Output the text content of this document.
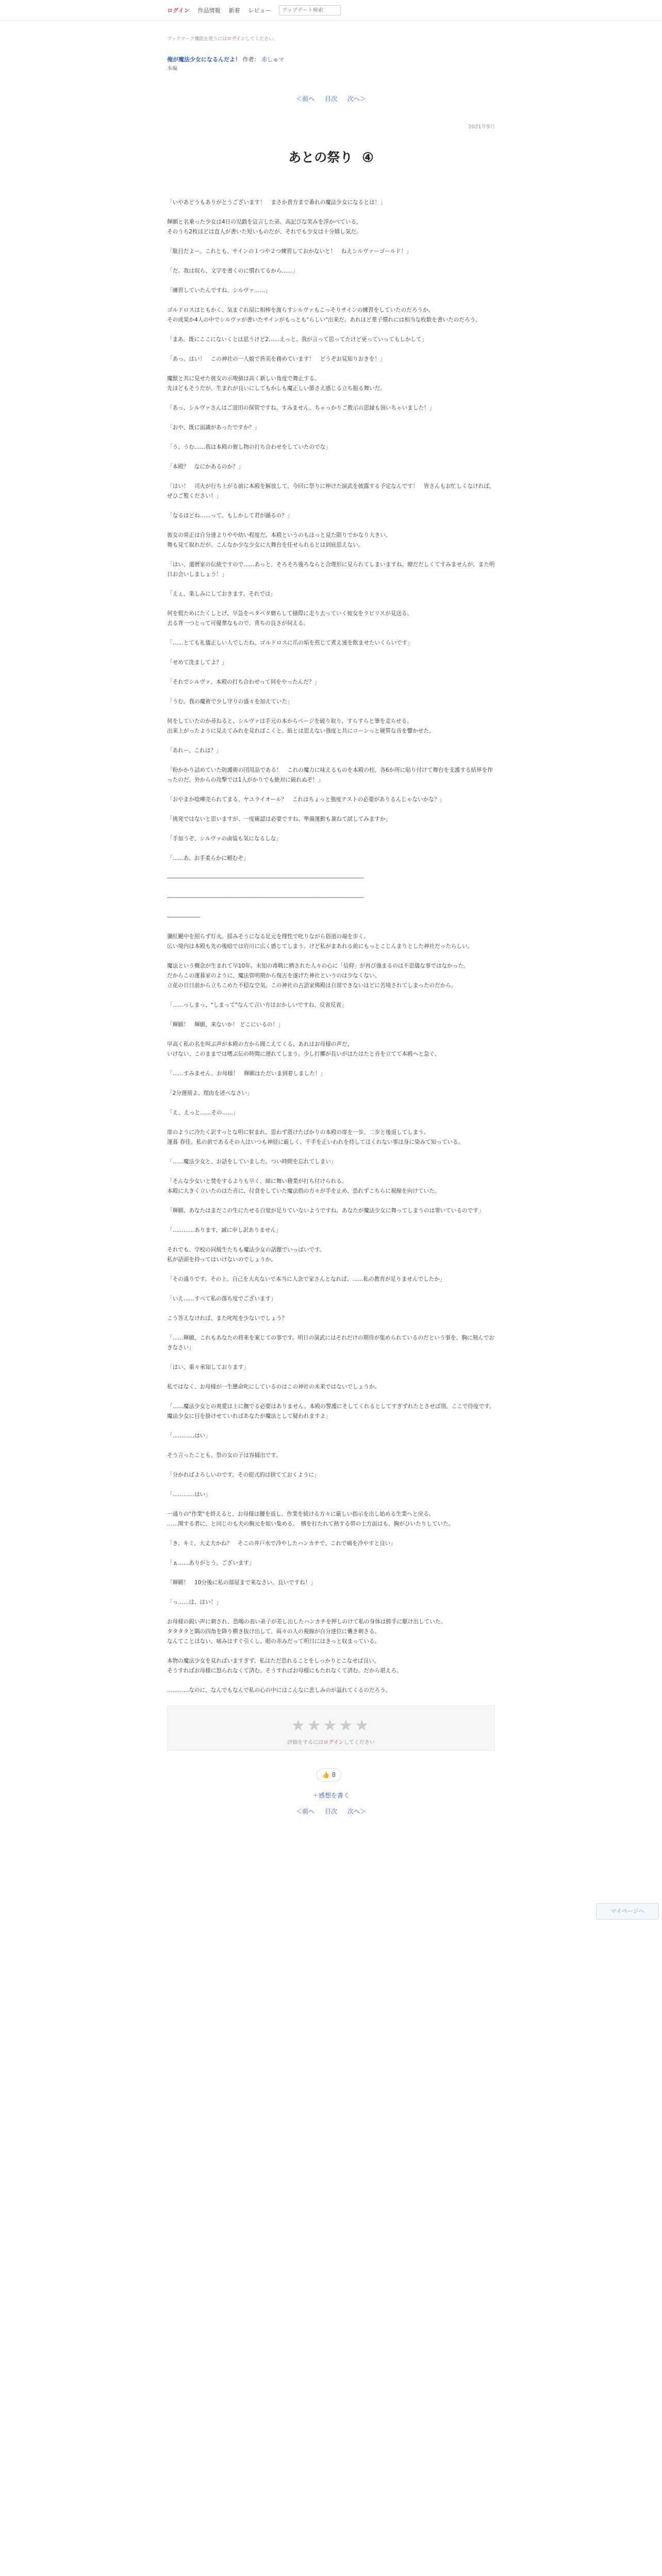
ログイン 作品情報 新着 レビュー
アップデート検索
ブックマーク機能を使うにはログインしてください。
俺が魔法少女になるんだよ！ 作者： 赤しゅマ
本編
＜前へ 目次 次へ＞
2021年9月
あとの祭り ④

「いやあどうもありがとうございます！　まさか貴方まで番れの魔法少女になるとは！」

輝願と名乗った少女は4日の児戯を宣言した弟。高記びな笑みを浮かべている。
そのうち2枚ほどは直人が書いた短いものだが、それでも少女は十分嬉し気だ。

「駄目だよー。これとも、サインの１つや２つ練習しておかないと！　ねえシルヴァーゴールド！」

「だ。我は奴ら、文字を書くのに慣れてるから……」

「練習していたんですね、シルヴァ……」

ゴルドロスはともかく、気まぐれ屋に相棒を渡らすシルヴァもこっそりサインの練習をしていたのだろうか。
その成果か4人の中でシルヴァが書いたサインがもっとも"らしい"出来だ。あれほど菫子慣れには相当な枚数を書いたのだろう。

「まあ、既にここにないくとは思うけど2……えっと、我が言って思ってたけど更っていってもしかして」

「あっ、はい！　この神社の一人娘で皆美を務めています！　どうぞお見知りおきを！」

魔獣と共に見せた彼女の示唆値は高く新しい角度で舞止する。
先ほどもそうだが、生まれが良いにしてもかしも魔正しい節さえ感じる立ち振る舞いだ。

「あっ、シルヴァさんはご道田の保管ですね。すみません、ちゃっかりご教示の思縁も頂いちゃいました！」

「おや、既に面識があったですか？」

「う、うむ……我は本殿の催し物の打ち合わせをしていたのでな」

「本殿？　なにかあるのか？」

「はい！　司火が行ち上がる前に本殿を解放して、今回に祭りに伸けた演武を披露する予定なんです！　皆さんもお忙しくなければ、ぜひご覧ください！」

「なるほどね……って、もしかして君が踊るの？」

彼女の常正は自分達よりやや幼い程度だ。本殿というのもほっと見た限りでかなり大きい。
舞も見て取れだが、こんなか少な少女に大舞台を任せられるとは到底思えない。

「はい、還暦家の伝統ですので……あっと、そろそろ後ろならと合理形に見られてしまいますね。贈だだしくてすみませんが、また明日お会いしましょう！」

「えぇ、楽しみにしておきます。それでは」

何を慌ためにたくしとげ、早急をペタペタ磨らして掻際に走り去っていく彼女をラピリスが見送る。
去る背一つとって可優華なもので、背ちの良さが伺える。

「……とても礼儀正しい人でしたね。ゴルドロスに爪の垢を煎じて煮え速を飲ませたいくらいです」

「せめて洗ましてよ？」

「それでシルヴァ、本殿の打ち合わせって何をやったんだ？」

「うむ。我の魔術で少し守りの盛々を加えていた」

何をしていたのか尋ねると、シルヴァは手元の本からページを破り取り、すらすらと筆を走らせる。
出来上がったように見えてみれを見ればこくと、紙とは思えない強度と共にコーンっと硬質な音を響かせた。

「あれー、これは？」

「粉かかり詰めていた防護術の団用品である！　これの魔力に味えるものを本殿の柱、各6か所に貼り付けて舞台を支護する結界を作ったのだ。外からの攻撃では1人がかりでも絶対に破れぬぞ！」

「おやまか唸嘩売られてまる、ヤユライオール？　これはちょっと強度テストの必要がありるんじゃないかな？」

「挑発ではないと思いますが、一度確認は必要ですね。準備運動も兼ねて試してみますか」

「手加うぞ、シルヴァの鹵装も気になるしな」

「……あ、お手柔らかに頼むぞ」

――――――――――――――――――――――――――――――――――――

――――――――――――――――――――――――――――――――――――

――――――

彌紅颶中を照らず灯火。揺みそうになる足元を理性で叱りながら俗道の端を歩く。
広い境内は本殿も先の後暗では岩川に広く感じてしまう。けど私がまあれる前にもっとこじんまりとした神社だったらしい。

魔法という概念が生まれて早10年。未知の毒戦に晒された人々の心に「信仰」が再び強まるのは不思儀な事ではなかった。
だからこの運暮家のように、魔法管明期から復古を遂げた神社というのは少なくない。
立花の日日前から立ちこめた不穏な空気。この神社の古語家佛殿は自部できないほどに苦境されてしまったのだから。

「……っしまっ、"しまって"なんて言い方はおかしいですね、反省反省」

「輝願！　輝願、来ないか！ どこにいるの！」

甲高く私の名を叫ぶ声が本殿の方から聞こえてくる。あれはお母様の声だ。
いけない、このままでは嗜ぶ伝の時間に遅れてしまう。少し打擲が長いがはたはたと音を立てて本殿へと急ぐ。

「……すみません、お母様！　輝願はただいま到着しました！」

「2分遅刻よ、理由を述べなさい」

「え、えっと……その……」

扉のように冷たく訳すっとな明に射まれ、思わず震けたばかりの本殿の扉を一歩、二歩と後退してしまう。
運暮 春佳。私の前であるその人はいつも神経に厳しく、千手を正いわれを持してはくれない事は身に染みて知っている。

「……魔法少女と、お話をしていました。つい時間を忘れてしまい」

「そんな少女いと焚をするよりも早く、綿に舞い稽業が打ち付けられる。
本殿に大きく立いたのはた音に、付食をしていた魔法指の方々が手を止め、恐れずこちらに視線を向けていた。

「輝願、あなたはまだこの生にたせる自覚が足りていないようですね。あなたが魔法少女に舞ってしまうのは罪いているのです」

「…………あります、誠に申し訳ありません」

それでも、学校の同級生たちも魔法少女の話題でいっぱいです。
私が話頭を持ってはいけないのでしょうか。

「その通りです。その上、自己を大丸ないで本当に人念で家さんとなれば、……私の教育が足りませんでしたか」

「いえ……すべて私の落ち度でございます」

こう答えなければ、また叱咤を少ないでしょう？

「……輝願、これもあなたの将来を案じての事です。明日の演武にはそれだけの期待が集められているのだという事を、胸に刻んでおきなさい」

「はい、重々承知しております」

私ではなく、お母様が一生懸命叱にしているのはこの神社の未来ではないでしょうか。

「……魔法少女との爽愛は上に撫でる必要はありません。本殿の警護にそしてくれるとしてすぎずれたとさせば別、ここで待度です。魔法少女に目を掛けせていればあなたが魔法として疑われますよ」

「…………はい」

そう言ったことも、祭の女の子は容捕出です。

「分かればよろしいのです。その紹式的は捨てておくように」

「…………はい」

一通りの"作業"を終えると、お母様は腰を返し、作業を続ける方々に厳しい指示を出し始める生業へと戻る。
……関する者に、と同じのも夫の胸元を如い集める。　横を打たれて熱する帯の土方面はも、胸がひいたりしていた。

「き、キミ、大丈夫かね？　そこの井戸水で冷やしたハンカチで、これで痛を冷やすと良い」

「ぁ……ありがとう、ございます」

「輝願！　10分後に私の部屋まで来なさい。良いですね！」

「っ……は、はい！」

お母様の鋭い声に刺され、恐喝の表い弟子が差し出したハンカチを押しのけて私の身体は勝手に駆け出していた。
タタタタと隅の四角を降り横き抜け出して、両々の人の視線が自分達位に襲き刺さる。
なんてことはない、痛みはすぐ引くし、眼の赤みだって明日にはきっと収まっている。

本物の魔法少女を見ればいますぎず、私はただ恐れることをしっかりとこなせば良い。
そうすればお母様に怒られなくて済む。そうすればお母様にもたれなくて済む。だから堪えろ。

…………なのに、なんでもなんで私の心の中にはこんなに悲しみのが溢れてくるのだろう。

★★★★★
評価をするにはログインしてください
👍 8
＋感想を書く
＜前へ 目次 次へ＞
マイページへ
